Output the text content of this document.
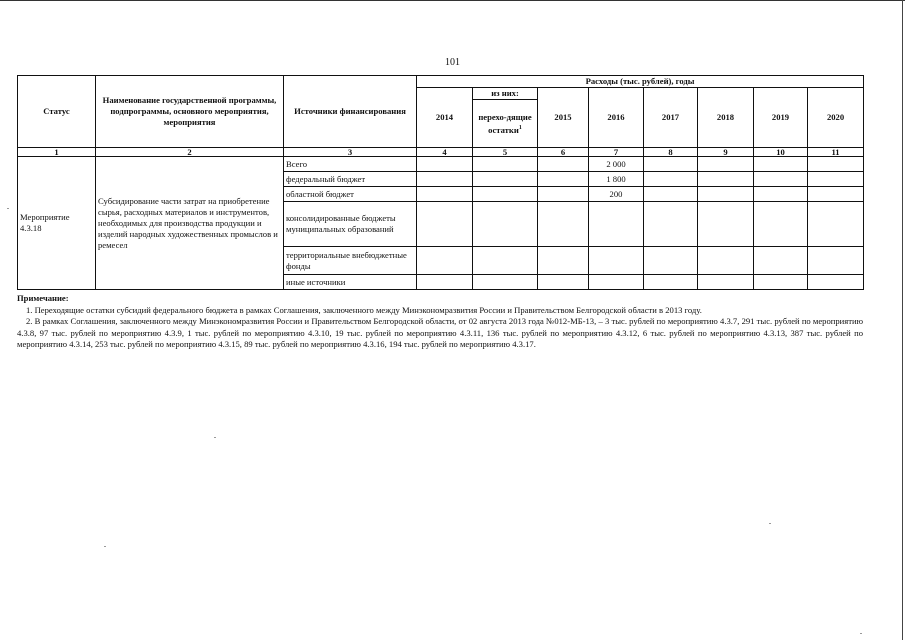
101
Статус	Наименование государственной программы, подпрограммы, основного мероприятия, мероприятия	Источники финансирования	Расходы (тыс. рублей), годы							
			2014	из них:	2015	2016	2017	2018	2019	2020
				перехо-дящие остатки$^1$
1	2	3	4	5	6	7	8	9	10	11
Мероприятие 4.3.18	Субсидирование части затрат на приобретение сырья, расходных материалов и инструментов, необходимых для производства продукции и изделий народных художественных промыслов и ремесел	Всего				2 000				
		федеральный бюджет				1 800				
		областной бюджет				200				
		консолидированные бюджеты муниципальных образований								
		территориальные внебюджетные фонды								
		иные источники								
Примечание:

1. Переходящие остатки субсидий федерального бюджета в рамках Соглашения, заключенного между Минэкономразвития России и Правительством Белгородской области в 2013 году.

2. В рамках Соглашения, заключенного между Минэкономразвития России и Правительством Белгородской области, от 02 августа 2013 года №012-МБ-13, – 3 тыс. рублей по мероприятию 4.3.7, 291 тыс. рублей по мероприятию 4.3.8, 97 тыс. рублей по мероприятию 4.3.9, 1 тыс. рублей по мероприятию 4.3.10, 19 тыс. рублей по мероприятию 4.3.11, 136 тыс. рублей по мероприятию 4.3.12, 6 тыс. рублей по мероприятию 4.3.13, 387 тыс. рублей по мероприятию 4.3.14, 253 тыс. рублей по мероприятию 4.3.15, 89 тыс. рублей по мероприятию 4.3.16, 194 тыс. рублей по мероприятию 4.3.17.
